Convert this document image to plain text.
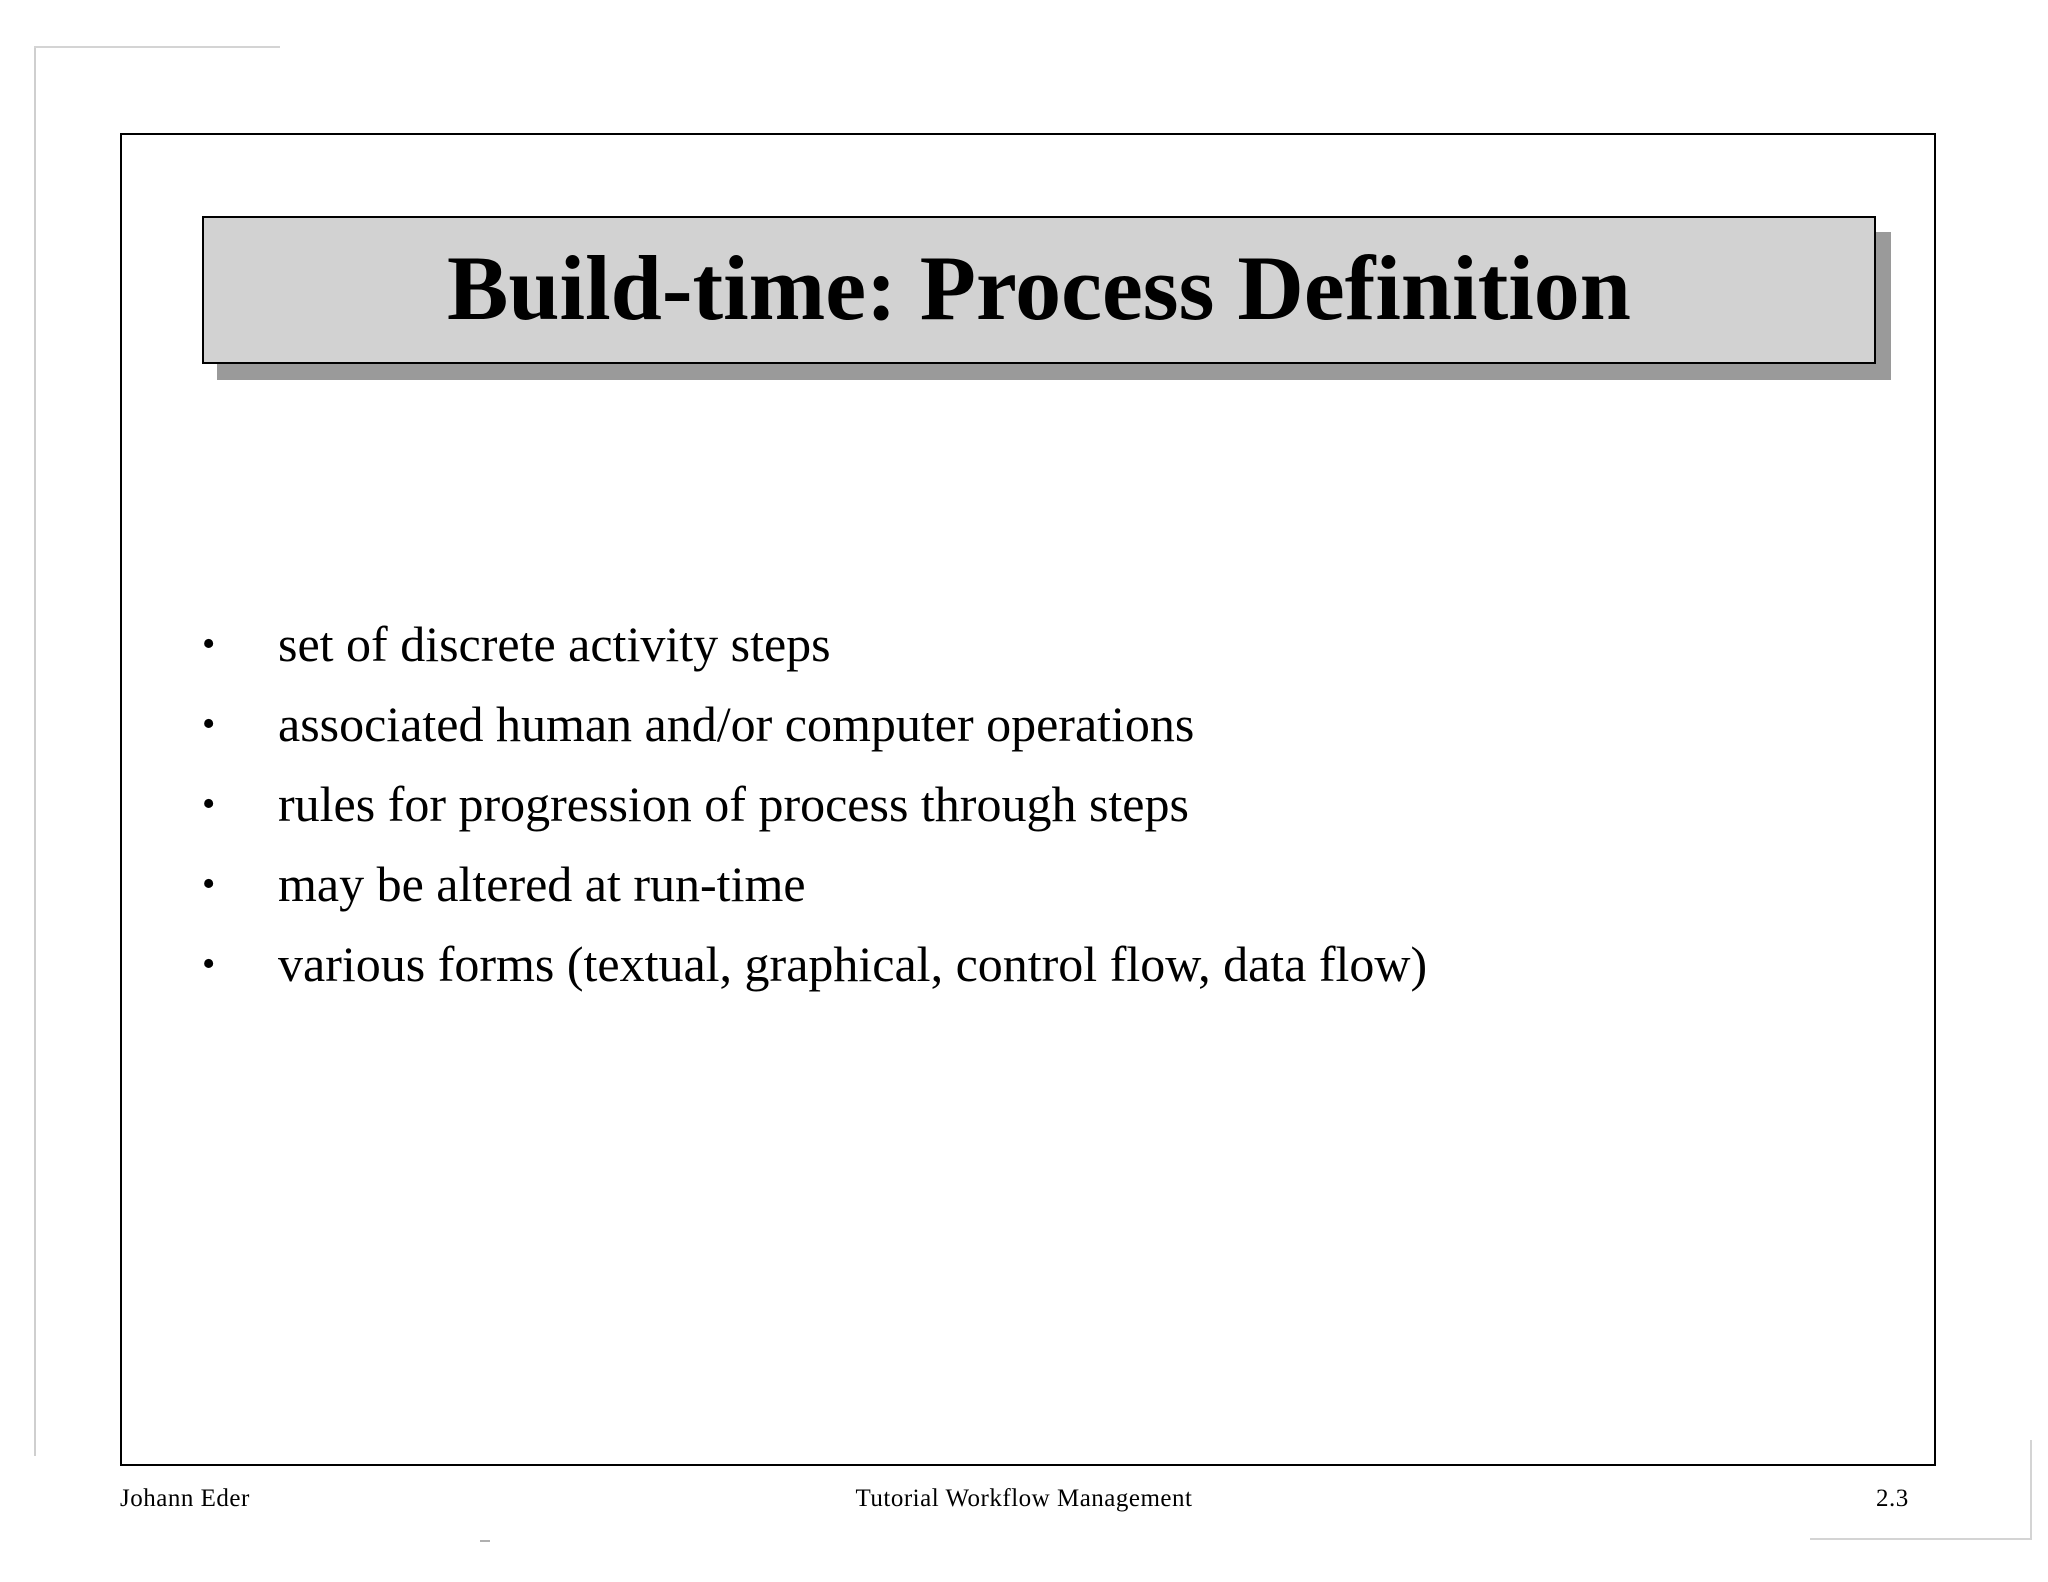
Build-time: Process Definition
•	set of discrete activity steps
•	associated human and/or computer operations
•	rules for progression of process through steps
•	may be altered at run-time
•	various forms (textual, graphical, control flow, data flow)
Johann Eder	Tutorial Workflow Management	2.3
